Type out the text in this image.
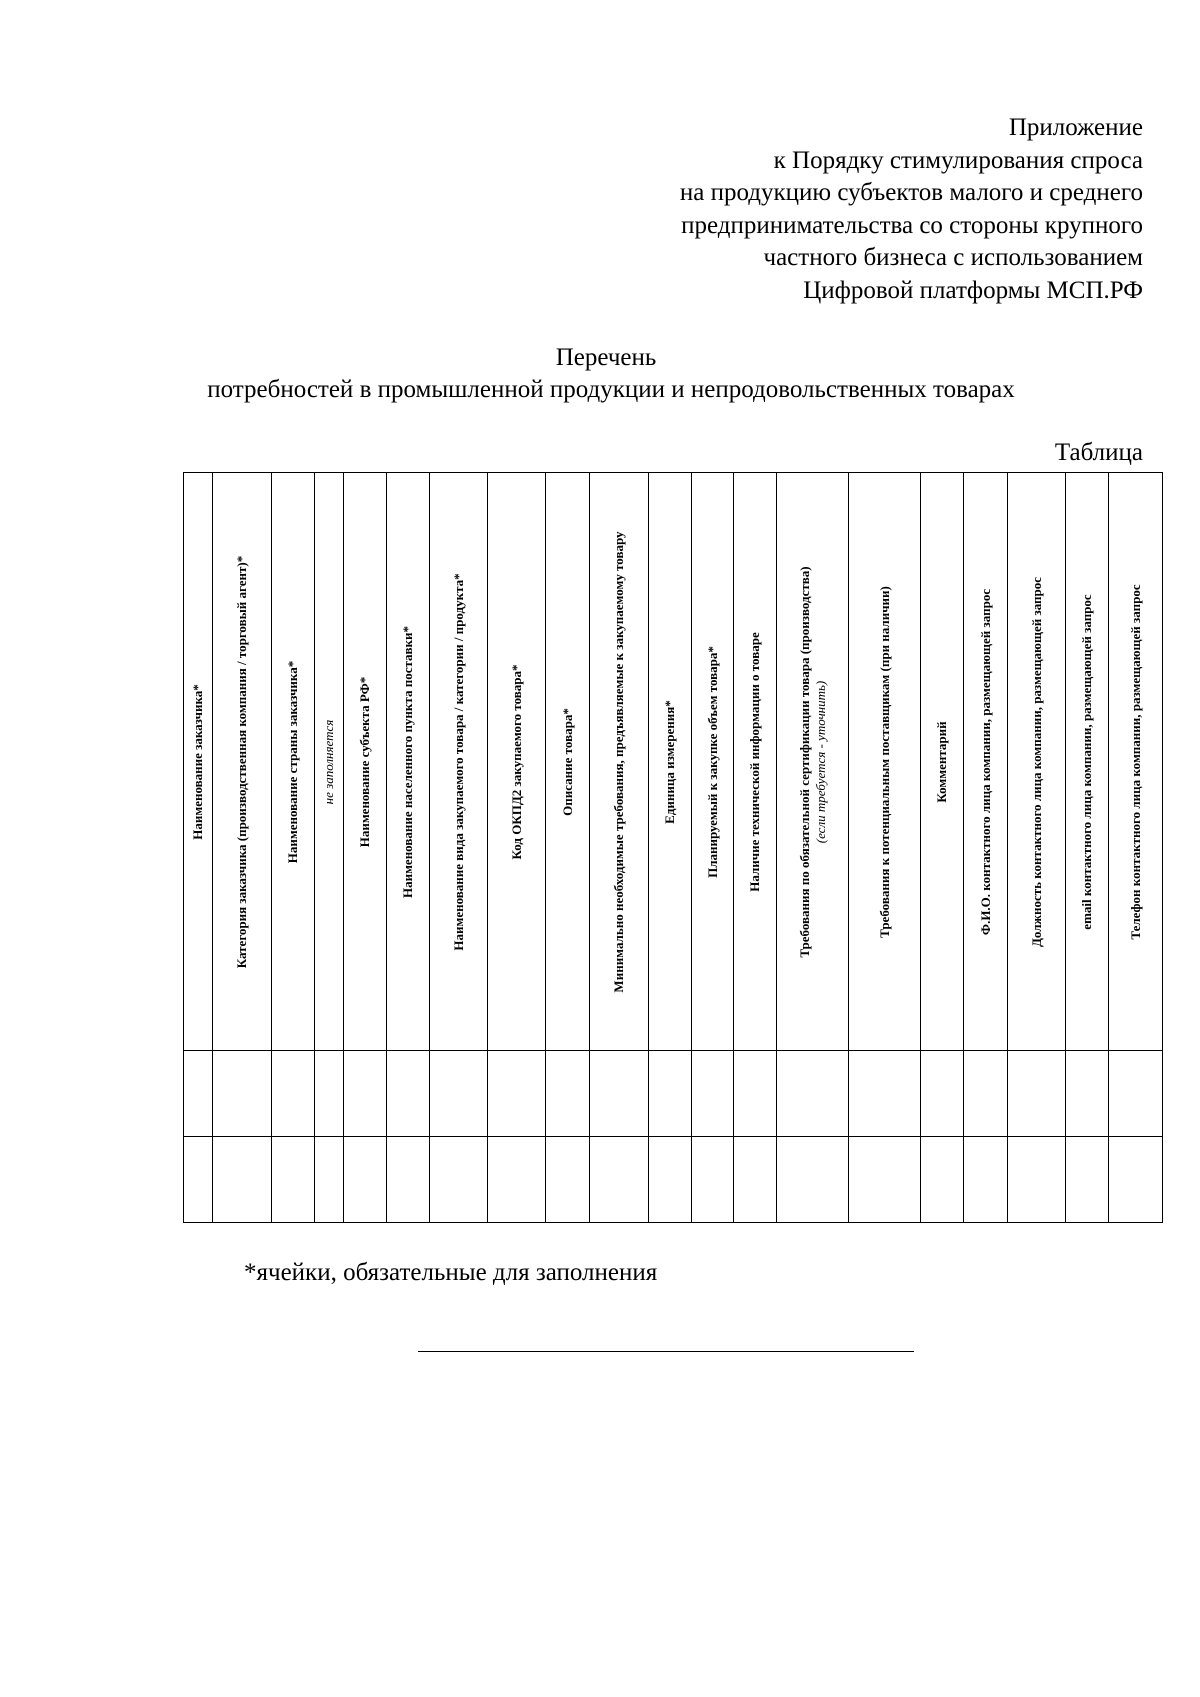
Приложение
к Порядку стимулирования спроса
на продукцию субъектов малого и среднего
предпринимательства со стороны крупного
частного бизнеса с использованием
Цифровой платформы МСП.РФ
Перечень
потребностей в промышленной продукции и непродовольственных товарах
Таблица
Наименование заказчика*	Категория заказчика (производственная компания / торговый агент)*	Наименование страны заказчика*	не заполняется	Наименование субъекта РФ*	Наименование населенного пункта поставки*	Наименование вида закупаемого товара / категории / продукта*	Код ОКПД2 закупаемого товара*	Описание товара*	Минимально необходимые требования, предъявляемые к закупаемому товару	Единица измерения*	Планируемый к закупке объем товара*	Наличие технической информации о товаре	Требования по обязательной сертификации товара (производства) (если требуется - уточнить)	Требования к потенциальным поставщикам (при наличии)	Комментарий	Ф.И.О. контактного лица компании, размещающей запрос	Должность контактного лица компании, размещающей запрос	email контактного лица компании, размещающей запрос	Телефон контактного лица компании, размещающей запрос

*ячейки, обязательные для заполнения
